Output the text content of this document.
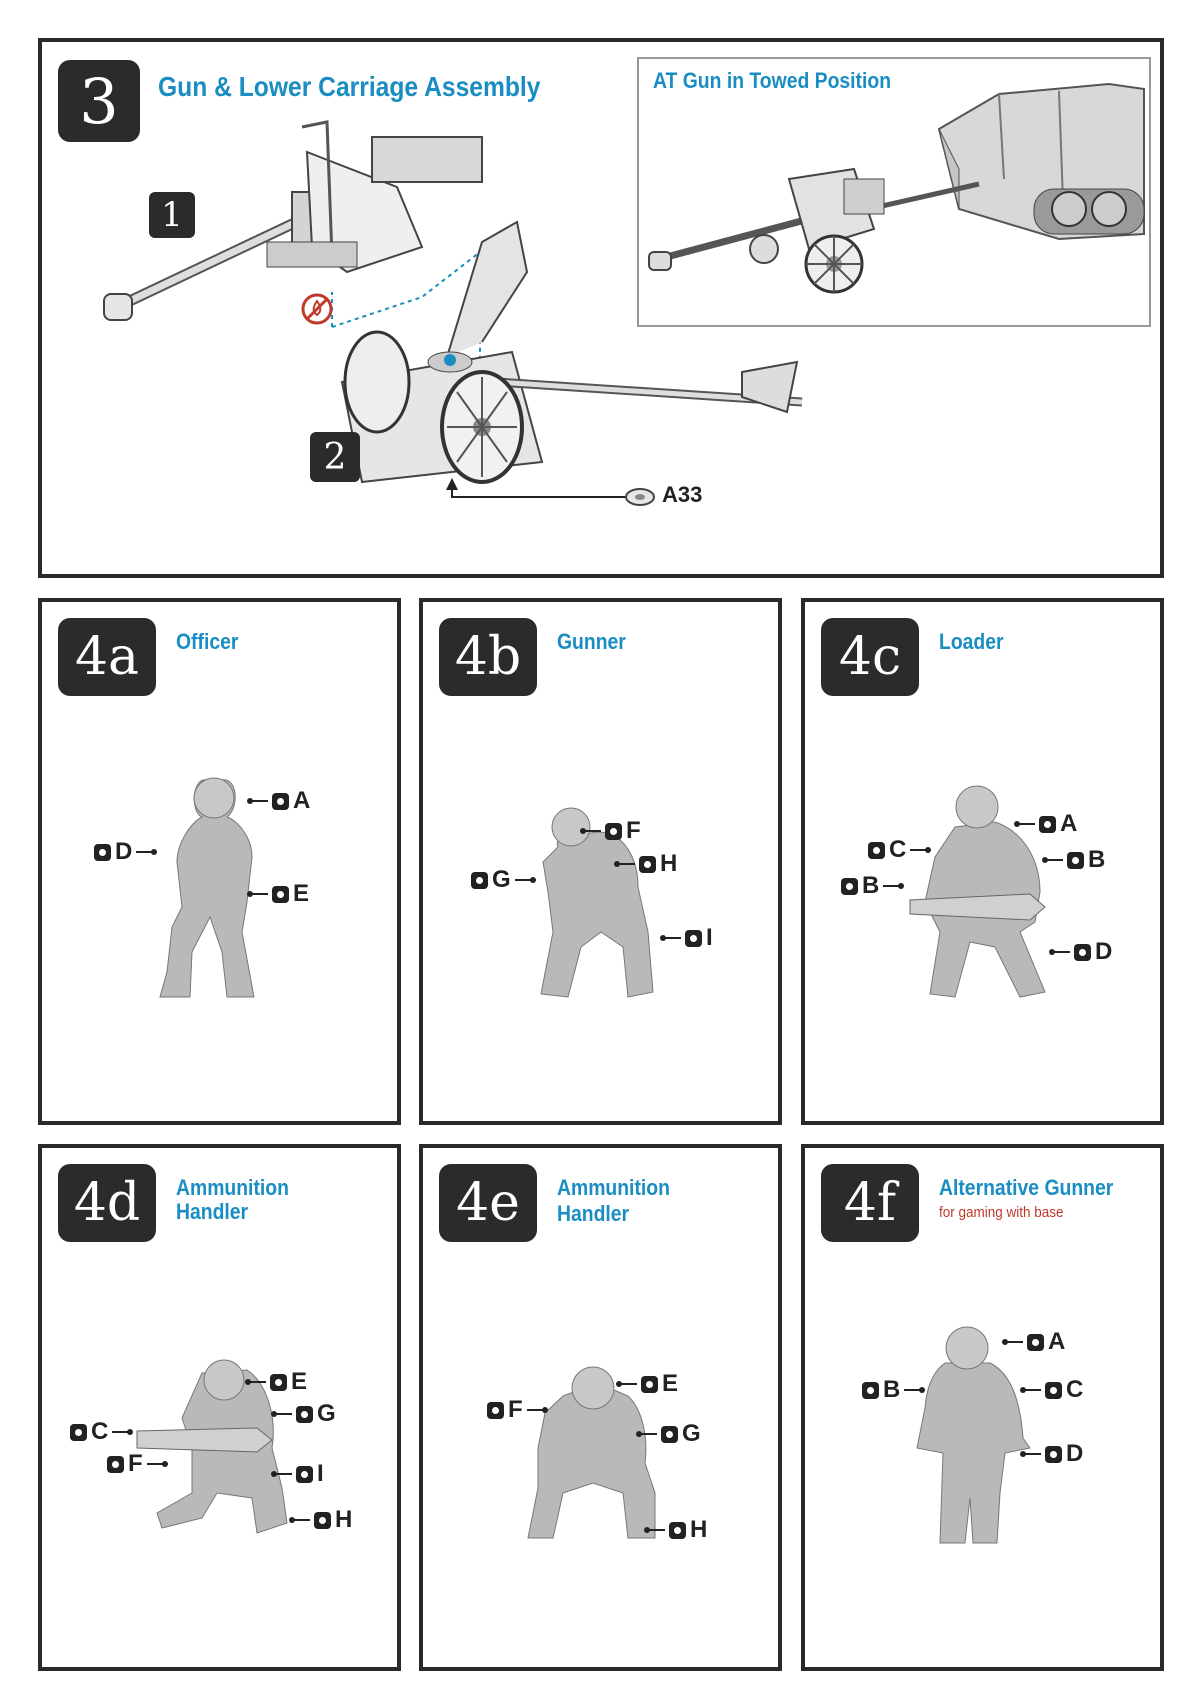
3 Gun & Lower Carriage Assembly	AT Gun in Towed Position
1
2
A33
4a Officer
A
D
E
4b Gunner
F
H
G
I
4c Loader
A
C	B
B
D
4d Ammunition
Handler
E
G
C
F	I
H
4e Ammunition
Handler
E
F
G
H
4f Alternative Gunner
for gaming with base
A
B	C
D
